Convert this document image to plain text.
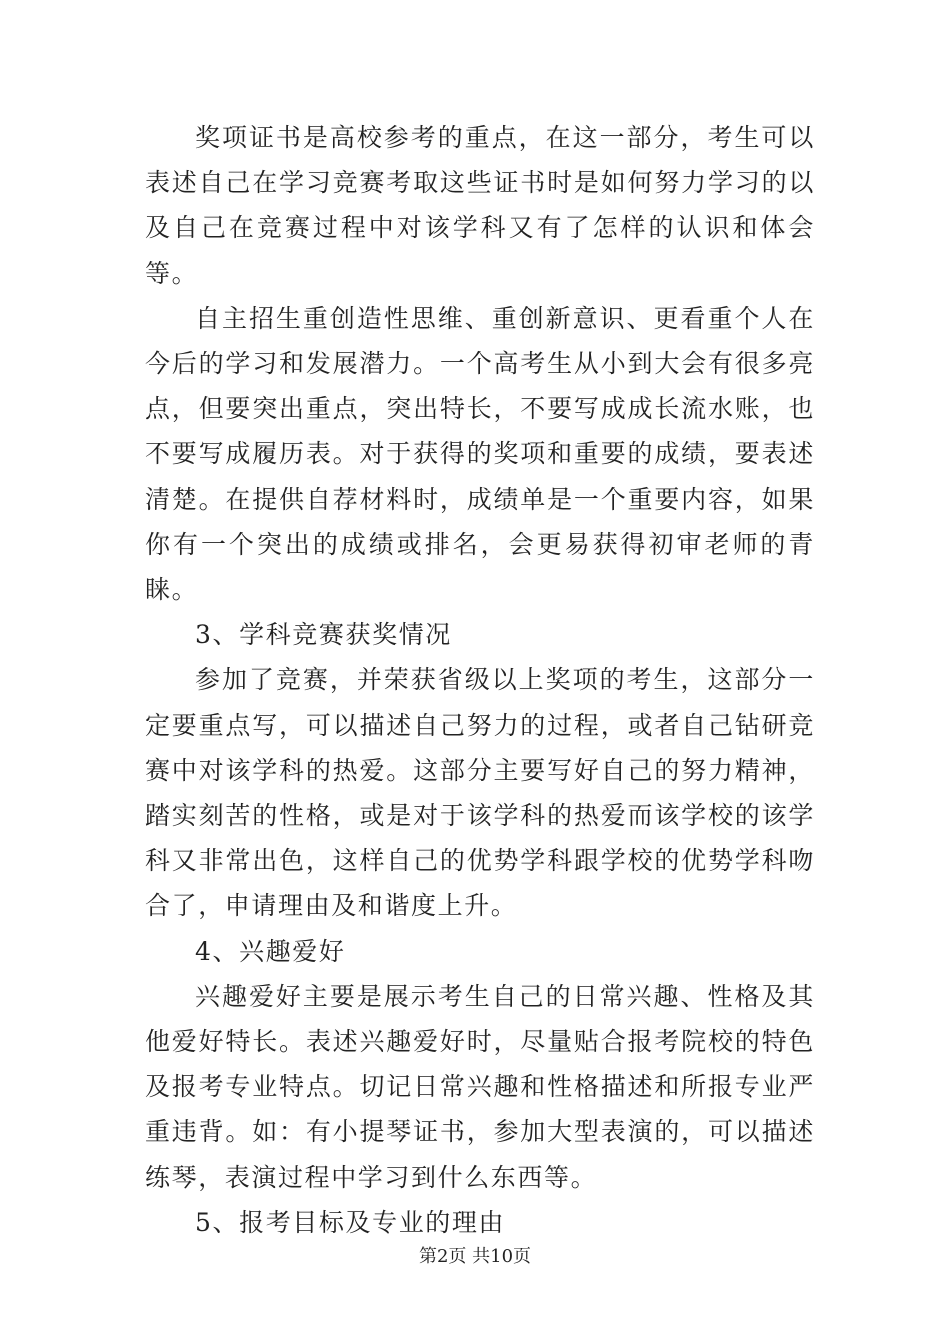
奖项证书是高校参考的重点，在这一部分，考生可以表述自己在学习竞赛考取这些证书时是如何努力学习的以及自己在竞赛过程中对该学科又有了怎样的认识和体会等。

自主招生重创造性思维、重创新意识、更看重个人在今后的学习和发展潜力。一个高考生从小到大会有很多亮点，但要突出重点，突出特长，不要写成成长流水账，也不要写成履历表。对于获得的奖项和重要的成绩，要表述清楚。在提供自荐材料时，成绩单是一个重要内容，如果你有一个突出的成绩或排名，会更易获得初审老师的青睐。

3、学科竞赛获奖情况

参加了竞赛，并荣获省级以上奖项的考生，这部分一定要重点写，可以描述自己努力的过程，或者自己钻研竞赛中对该学科的热爱。这部分主要写好自己的努力精神，踏实刻苦的性格，或是对于该学科的热爱而该学校的该学科又非常出色，这样自己的优势学科跟学校的优势学科吻合了，申请理由及和谐度上升。

4、兴趣爱好

兴趣爱好主要是展示考生自己的日常兴趣、性格及其他爱好特长。表述兴趣爱好时，尽量贴合报考院校的特色及报考专业特点。切记日常兴趣和性格描述和所报专业严重违背。如：有小提琴证书，参加大型表演的，可以描述练琴，表演过程中学习到什么东西等。

5、报考目标及专业的理由

第2页 共10页
